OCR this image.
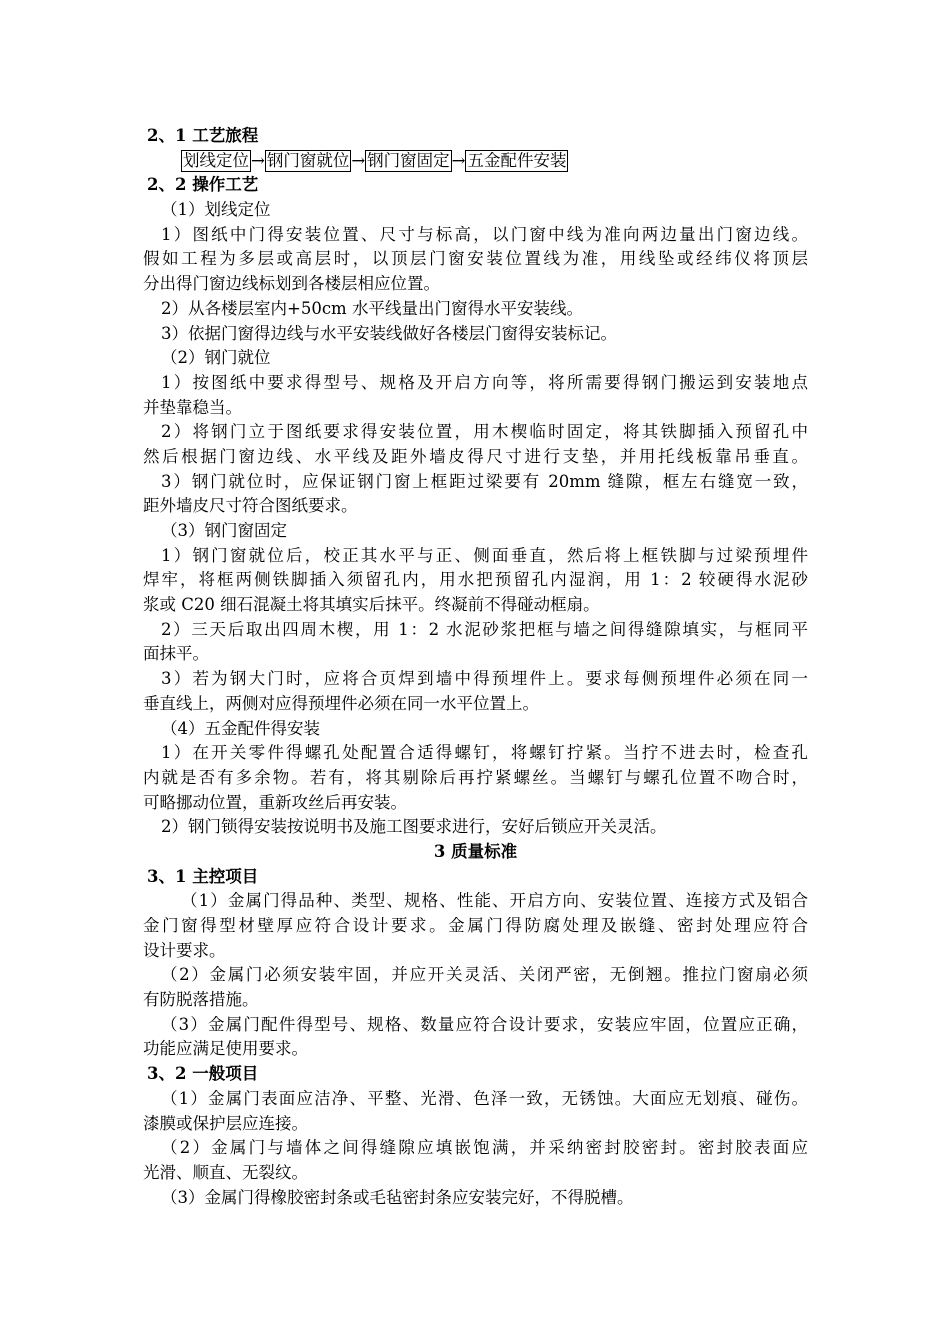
2、1 工艺旅程
划线定位 → 钢门窗就位 → 钢门窗固定 → 五金配件安装
2、2 操作工艺
（1）划线定位
1）图纸中门得安装位置、尺寸与标高，以门窗中线为准向两边量出门窗边线。
假如工程为多层或高层时，以顶层门窗安装位置线为准，用线坠或经纬仪将顶层
分出得门窗边线标划到各楼层相应位置。
2）从各楼层室内+50cm 水平线量出门窗得水平安装线。
3）依据门窗得边线与水平安装线做好各楼层门窗得安装标记。
（2）钢门就位
1）按图纸中要求得型号、规格及开启方向等，将所需要得钢门搬运到安装地点
并垫靠稳当。
2）将钢门立于图纸要求得安装位置，用木楔临时固定，将其铁脚插入预留孔中
然后根据门窗边线、水平线及距外墙皮得尺寸进行支垫，并用托线板靠吊垂直。
3）钢门就位时，应保证钢门窗上框距过梁要有 20mm 缝隙，框左右缝宽一致，
距外墙皮尺寸符合图纸要求。
（3）钢门窗固定
1）钢门窗就位后，校正其水平与正、侧面垂直，然后将上框铁脚与过梁预埋件
焊牢，将框两侧铁脚插入须留孔内，用水把预留孔内湿润，用 1：2 较硬得水泥砂
浆或 C20 细石混凝土将其填实后抹平。终凝前不得碰动框扇。
2）三天后取出四周木楔，用 1：2 水泥砂浆把框与墙之间得缝隙填实，与框同平
面抹平。
3）若为钢大门时，应将合页焊到墙中得预埋件上。要求每侧预埋件必须在同一
垂直线上，两侧对应得预埋件必须在同一水平位置上。
（4）五金配件得安装
1）在开关零件得螺孔处配置合适得螺钉，将螺钉拧紧。当拧不进去时，检查孔
内就是否有多余物。若有，将其剔除后再拧紧螺丝。当螺钉与螺孔位置不吻合时，
可略挪动位置，重新攻丝后再安装。
2）钢门锁得安装按说明书及施工图要求进行，安好后锁应开关灵活。
3 质量标准
3、1 主控项目
（1）金属门得品种、类型、规格、性能、开启方向、安装位置、连接方式及铝合
金门窗得型材壁厚应符合设计要求。金属门得防腐处理及嵌缝、密封处理应符合
设计要求。
（2）金属门必须安装牢固，并应开关灵活、关闭严密，无倒翘。推拉门窗扇必须
有防脱落措施。
（3）金属门配件得型号、规格、数量应符合设计要求，安装应牢固，位置应正确，
功能应满足使用要求。
3、2 一般项目
（1）金属门表面应洁净、平整、光滑、色泽一致，无锈蚀。大面应无划痕、碰伤。
漆膜或保护层应连接。
（2）金属门与墙体之间得缝隙应填嵌饱满，并采纳密封胶密封。密封胶表面应
光滑、顺直、无裂纹。
（3）金属门得橡胶密封条或毛毡密封条应安装完好，不得脱槽。
